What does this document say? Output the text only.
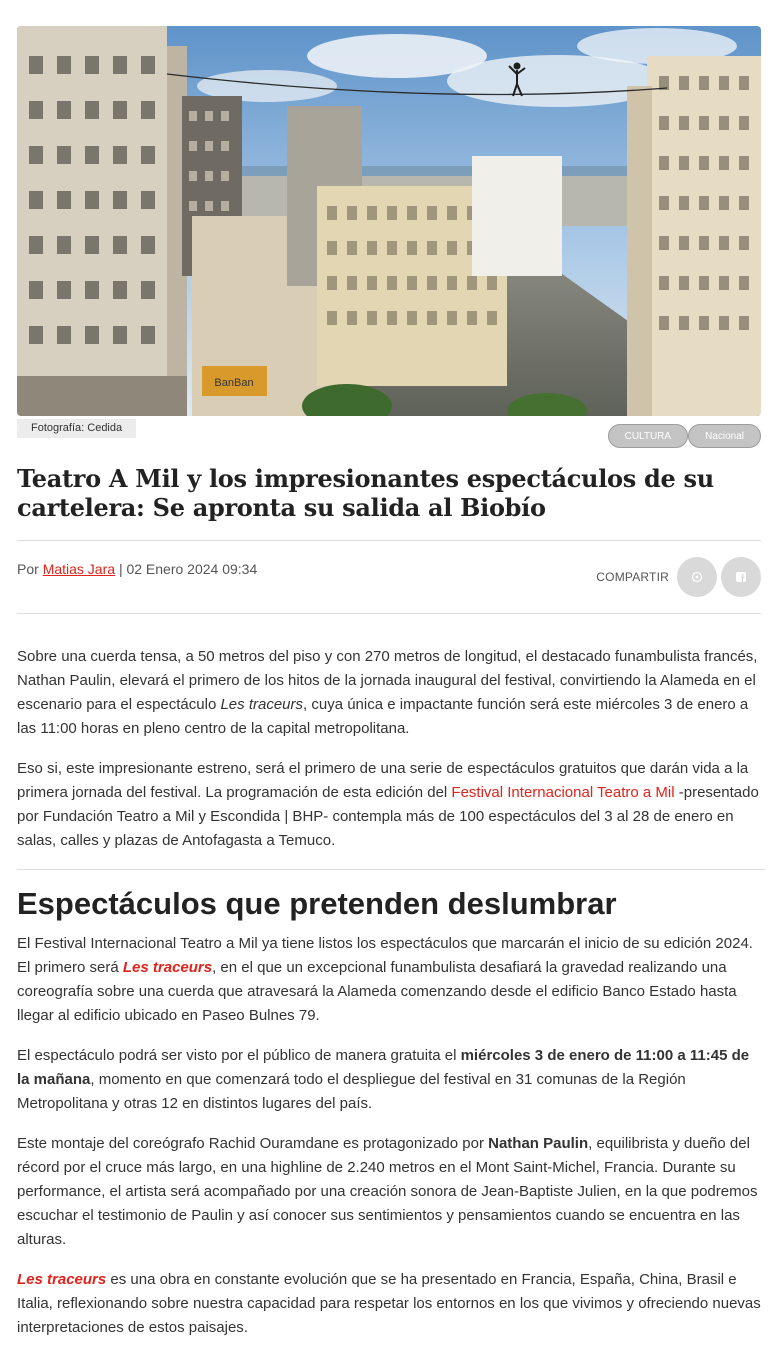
BanBan
Fotografía: Cedida
CULTURA	Nacional
Teatro A Mil y los impresionantes espectáculos de su cartelera: Se apronta su salida al Biobío
Por Matias Jara | 02 Enero 2024 09:34	COMPARTIR

Sobre una cuerda tensa, a 50 metros del piso y con 270 metros de longitud, el destacado funambulista francés, Nathan Paulin, elevará el primero de los hitos de la jornada inaugural del festival, convirtiendo la Alameda en el escenario para el espectáculo Les traceurs, cuya única e impactante función será este miércoles 3 de enero a las 11:00 horas en pleno centro de la capital metropolitana.

Eso si, este impresionante estreno, será el primero de una serie de espectáculos gratuitos que darán vida a la primera jornada del festival. La programación de esta edición del Festival Internacional Teatro a Mil -presentado por Fundación Teatro a Mil y Escondida | BHP- contempla más de 100 espectáculos del 3 al 28 de enero en salas, calles y plazas de Antofagasta a Temuco.

Espectáculos que pretenden deslumbrar

El Festival Internacional Teatro a Mil ya tiene listos los espectáculos que marcarán el inicio de su edición 2024. El primero será Les traceurs, en el que un excepcional funambulista desafiará la gravedad realizando una coreografía sobre una cuerda que atravesará la Alameda comenzando desde el edificio Banco Estado hasta llegar al edificio ubicado en Paseo Bulnes 79.

El espectáculo podrá ser visto por el público de manera gratuita el miércoles 3 de enero de 11:00 a 11:45 de la mañana, momento en que comenzará todo el despliegue del festival en 31 comunas de la Región Metropolitana y otras 12 en distintos lugares del país.

Este montaje del coreógrafo Rachid Ouramdane es protagonizado por Nathan Paulin, equilibrista y dueño del récord por el cruce más largo, en una highline de 2.240 metros en el Mont Saint-Michel, Francia. Durante su performance, el artista será acompañado por una creación sonora de Jean-Baptiste Julien, en la que podremos escuchar el testimonio de Paulin y así conocer sus sentimientos y pensamientos cuando se encuentra en las alturas.

Les traceurs es una obra en constante evolución que se ha presentado en Francia, España, China, Brasil e Italia, reflexionando sobre nuestra capacidad para respetar los entornos en los que vivimos y ofreciendo nuevas interpretaciones de estos paisajes.
